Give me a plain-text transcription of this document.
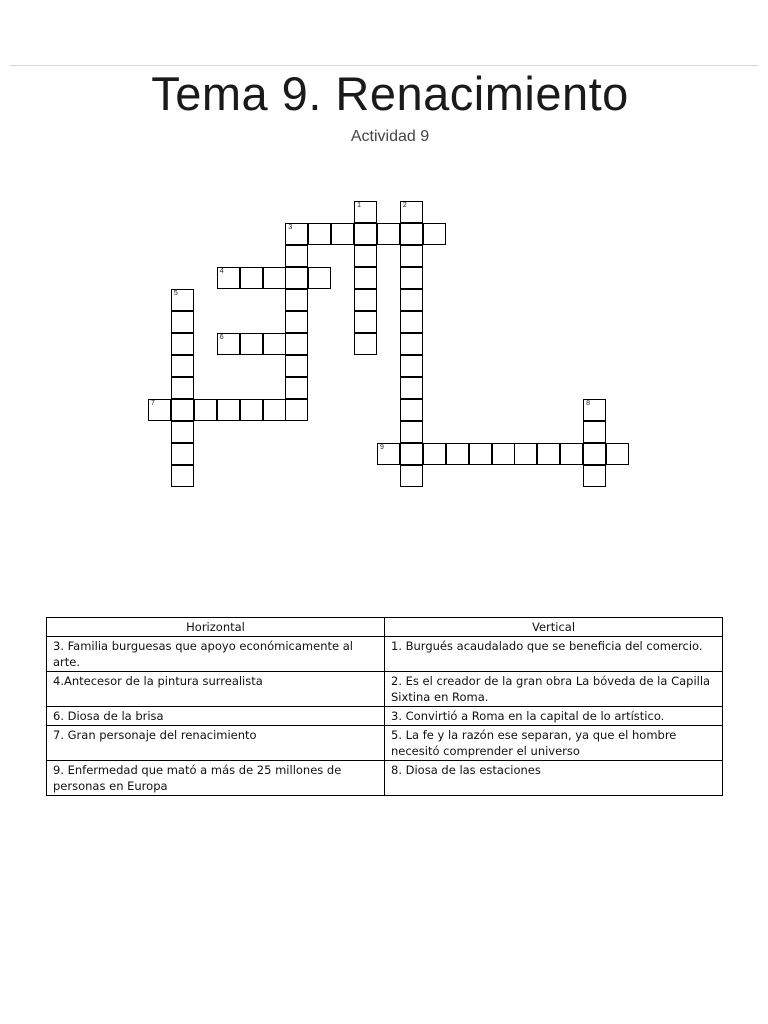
Tema 9. Renacimiento
Actividad 9
1	2
3
4
5
6
7	8
9
Horizontal	Vertical
3. Familia burguesas que apoyo económicamente al arte.	1. Burgués acaudalado que se beneficia del comercio.
4.Antecesor de la pintura surrealista	2. Es el creador de la gran obra La bóveda de la Capilla Sixtina en Roma.
6. Diosa de la brisa	3. Convirtió a Roma en la capital de lo artístico.
7. Gran personaje del renacimiento	5. La fe y la razón ese separan, ya que el hombre necesitó comprender el universo
9. Enfermedad que mató a más de 25 millones de personas en Europa	8. Diosa de las estaciones
